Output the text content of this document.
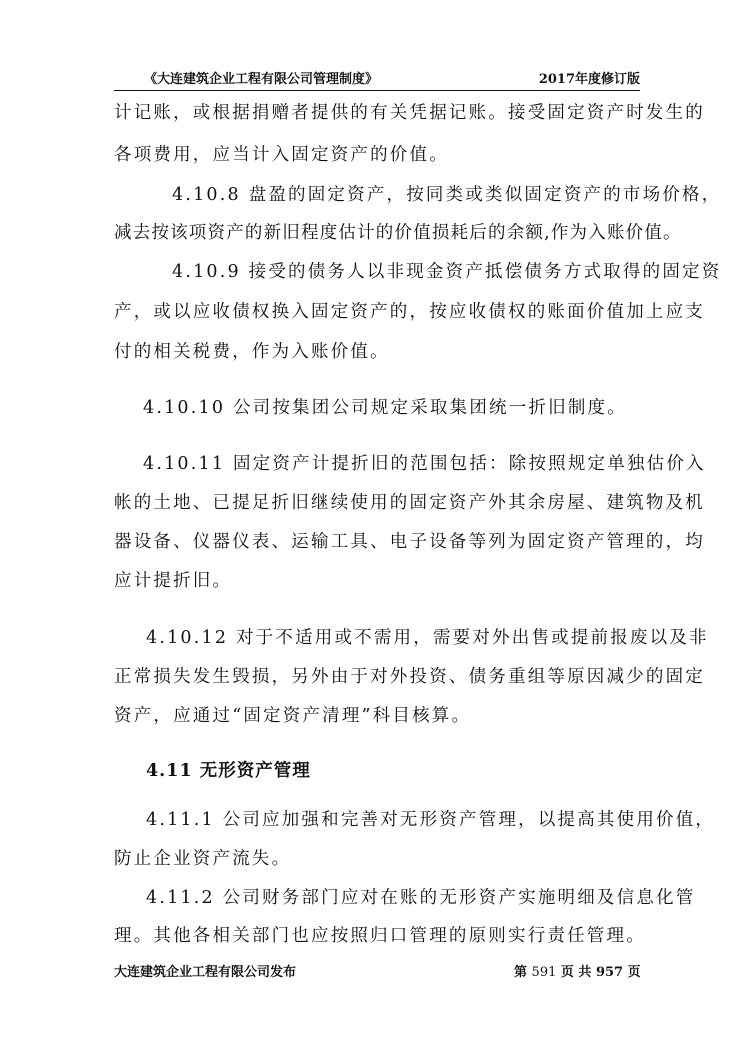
《大连建筑企业工程有限公司管理制度》	2017年度修订版
计记账，或根据捐赠者提供的有关凭据记账。接受固定资产时发生的
各项费用，应当计入固定资产的价值。
4.10.8 盘盈的固定资产，按同类或类似固定资产的市场价格，
减去按该项资产的新旧程度估计的价值损耗后的余额,作为入账价值。
4.10.9 接受的债务人以非现金资产抵偿债务方式取得的固定资
产，或以应收债权换入固定资产的，按应收债权的账面价值加上应支
付的相关税费，作为入账价值。
4.10.10 公司按集团公司规定采取集团统一折旧制度。
4.10.11 固定资产计提折旧的范围包括：除按照规定单独估价入
帐的土地、已提足折旧继续使用的固定资产外其余房屋、建筑物及机
器设备、仪器仪表、运输工具、电子设备等列为固定资产管理的，均
应计提折旧。
4.10.12 对于不适用或不需用，需要对外出售或提前报废以及非
正常损失发生毁损，另外由于对外投资、债务重组等原因减少的固定
资产，应通过“固定资产清理”科目核算。
4.11 无形资产管理
4.11.1 公司应加强和完善对无形资产管理，以提高其使用价值，
防止企业资产流失。
4.11.2 公司财务部门应对在账的无形资产实施明细及信息化管
理。其他各相关部门也应按照归口管理的原则实行责任管理。
大连建筑企业工程有限公司发布	第 591 页 共 957 页
